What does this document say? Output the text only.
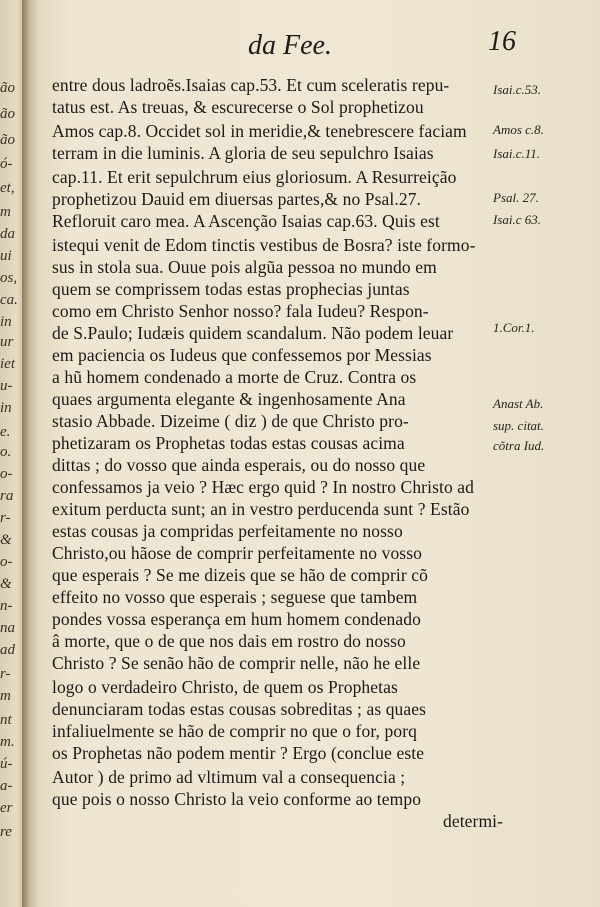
ão
ão
ão
ó-
et,
m
da
ui
os,
ca.
in
ur
iet
u-
in
e.
o.
o-
ra
r-
&
o-
&
n-
na
ad
r-
m
nt
m.
ú-
a-
er
re
da Fee.	16
entre dous ladroẽs.Isaias cap.53. Et cum sceleratis repu-
tatus est. As treuas, & escurecerse o Sol prophetizou
Amos cap.8. Occidet sol in meridie,& tenebrescere faciam
terram in die luminis. A gloria de seu sepulchro Isaias
cap.11. Et erit sepulchrum eius gloriosum. A Resurreição
prophetizou Dauid em diuersas partes,& no Psal.27.
Refloruit caro mea. A Ascenção Isaias cap.63. Quis est
istequi venit de Edom tinctis vestibus de Bosra? iste formo-
sus in stola sua. Ouue pois algũa pessoa no mundo em
quem se comprissem todas estas prophecias juntas
como em Christo Senhor nosso? fala Iudeu? Respon-
de S.Paulo; Iudæis quidem scandalum. Não podem leuar
em paciencia os Iudeus que confessemos por Messias
a hũ homem condenado a morte de Cruz. Contra os
quaes argumenta elegante & ingenhosamente Ana
stasio Abbade. Dizeime ( diz ) de que Christo pro-
phetizaram os Prophetas todas estas cousas acima
dittas ; do vosso que ainda esperais, ou do nosso que
confessamos ja veio ? Hæc ergo quid ? In nostro Christo ad
exitum perducta sunt; an in vestro perducenda sunt ? Estão
estas cousas ja compridas perfeitamente no nosso
Christo,ou hãose de comprir perfeitamente no vosso
que esperais ? Se me dizeis que se hão de comprir cõ
effeito no vosso que esperais ; seguese que tambem
pondes vossa esperança em hum homem condenado
â morte, que o de que nos dais em rostro do nosso
Christo ? Se senão hão de comprir nelle, não he elle
logo o verdadeiro Christo, de quem os Prophetas
denunciaram todas estas cousas sobreditas ; as quaes
infaliuelmente se hão de comprir no que o for, porq
os Prophetas não podem mentir ? Ergo (conclue este
Autor ) de primo ad vltimum val a consequencia ;
que pois o nosso Christo la veio conforme ao tempo
determi-
Isai.c.53.
Amos c.8.
Isai.c.11.
Psal. 27.
Isai.c 63.
1.Cor.1.
Anast Ab.
sup. citat.
cõtra Iud.
